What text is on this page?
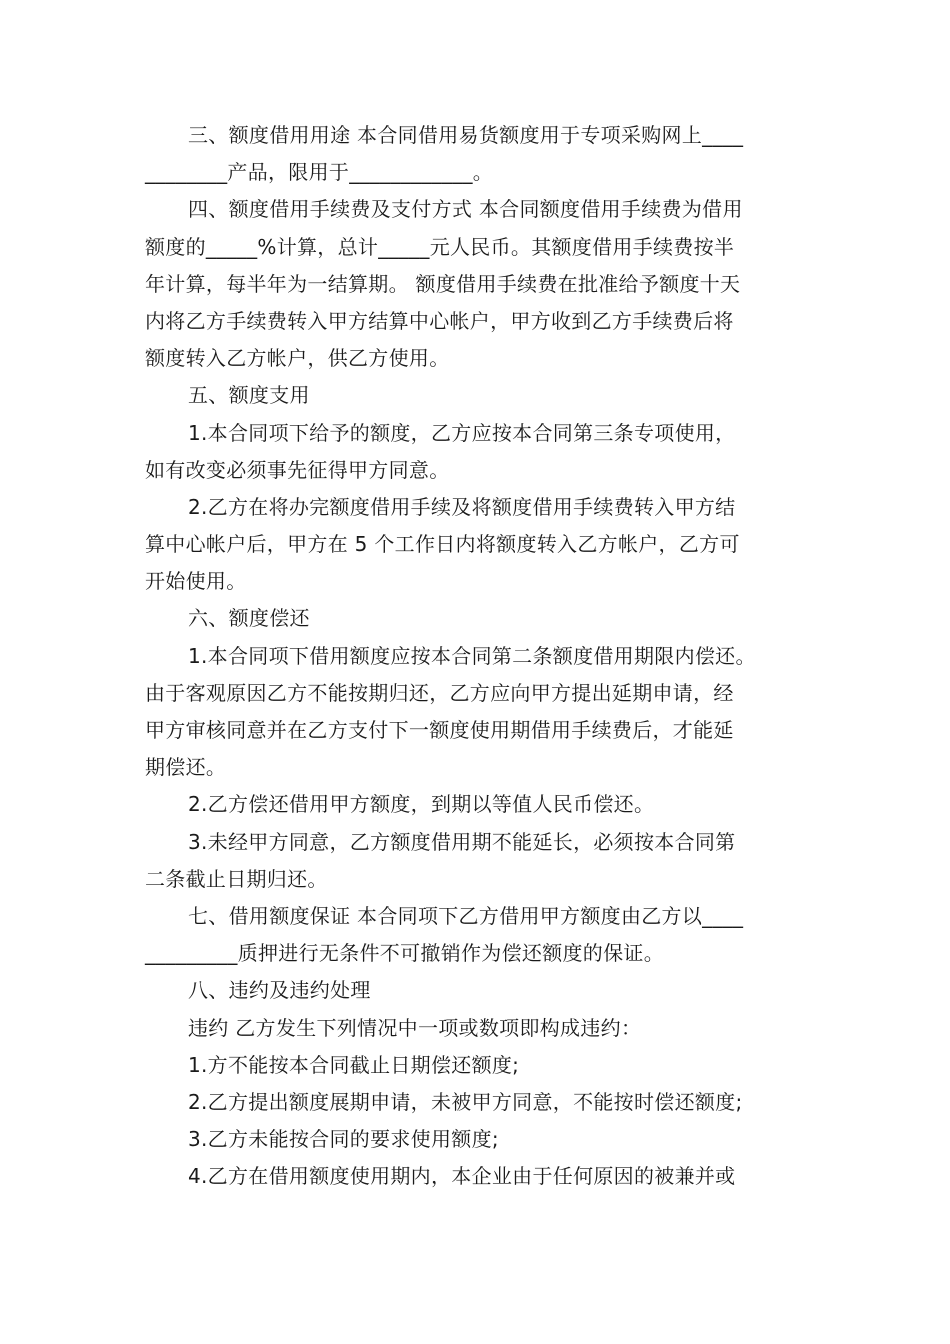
三、额度借用用途 本合同借用易货额度用于专项采购网上____
________产品，限用于____________。
四、额度借用手续费及支付方式 本合同额度借用手续费为借用
额度的_____%计算，总计_____元人民币。其额度借用手续费按半
年计算，每半年为一结算期。 额度借用手续费在批准给予额度十天
内将乙方手续费转入甲方结算中心帐户，甲方收到乙方手续费后将
额度转入乙方帐户，供乙方使用。
五、额度支用
1.本合同项下给予的额度，乙方应按本合同第三条专项使用，
如有改变必须事先征得甲方同意。
2.乙方在将办完额度借用手续及将额度借用手续费转入甲方结
算中心帐户后，甲方在 5 个工作日内将额度转入乙方帐户，乙方可
开始使用。
六、额度偿还
1.本合同项下借用额度应按本合同第二条额度借用期限内偿还。
由于客观原因乙方不能按期归还，乙方应向甲方提出延期申请，经
甲方审核同意并在乙方支付下一额度使用期借用手续费后，才能延
期偿还。
2.乙方偿还借用甲方额度，到期以等值人民币偿还。
3.未经甲方同意，乙方额度借用期不能延长，必须按本合同第
二条截止日期归还。
七、借用额度保证 本合同项下乙方借用甲方额度由乙方以____
_________质押进行无条件不可撤销作为偿还额度的保证。
八、违约及违约处理
违约 乙方发生下列情况中一项或数项即构成违约：
1.方不能按本合同截止日期偿还额度;
2.乙方提出额度展期申请，未被甲方同意，不能按时偿还额度;
3.乙方未能按合同的要求使用额度;
4.乙方在借用额度使用期内，本企业由于任何原因的被兼并或
